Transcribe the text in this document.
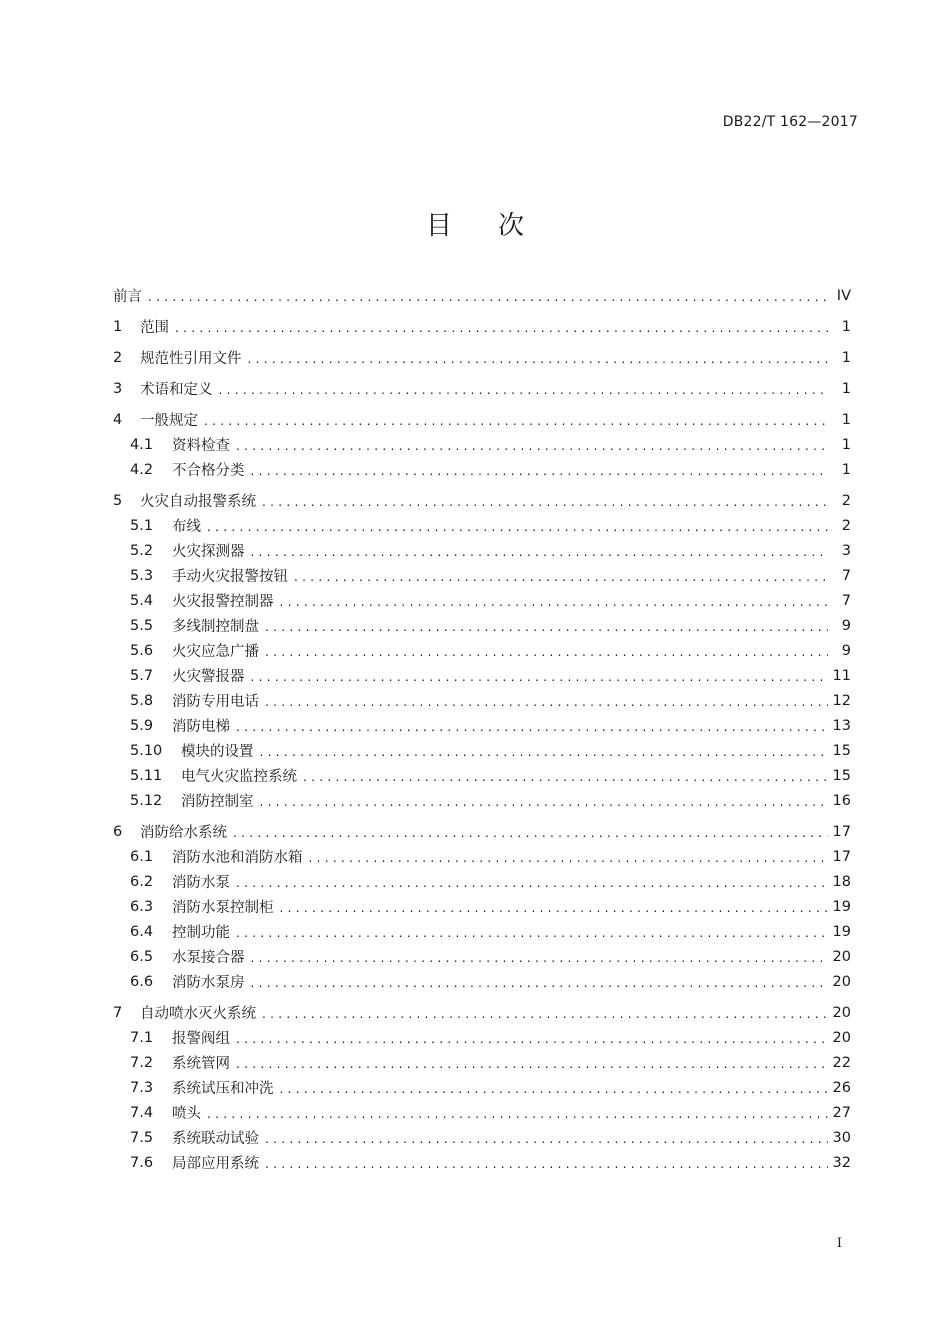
DB22/T 162—2017
目 次
前言 . . .	IV
1	范围 . . .	1
2	规范性引用文件 . . .	1
3	术语和定义 . . .	1
4	一般规定 . . .	1
4.1	资料检查 . . .	1
4.2	不合格分类 . . .	1
5	火灾自动报警系统 . . .	2
5.1	布线 . . .	2
5.2	火灾探测器 . . .	3
5.3	手动火灾报警按钮 . . .	7
5.4	火灾报警控制器 . . .	7
5.5	多线制控制盘 . . .	9
5.6	火灾应急广播 . . .	9
5.7	火灾警报器 . . .	11
5.8	消防专用电话 . . .	12
5.9	消防电梯 . . .	13
5.10	模块的设置 . . .	15
5.11	电气火灾监控系统 . . .	15
5.12	消防控制室 . . .	16
6	消防给水系统 . . .	17
6.1	消防水池和消防水箱 . . .	17
6.2	消防水泵 . . .	18
6.3	消防水泵控制柜 . . .	19
6.4	控制功能 . . .	19
6.5	水泵接合器 . . .	20
6.6	消防水泵房 . . .	20
7	自动喷水灭火系统 . . .	20
7.1	报警阀组 . . .	20
7.2	系统管网 . . .	22
7.3	系统试压和冲洗 . . .	26
7.4	喷头 . . .	27
7.5	系统联动试验 . . .	30
7.6	局部应用系统 . . .	32
I
